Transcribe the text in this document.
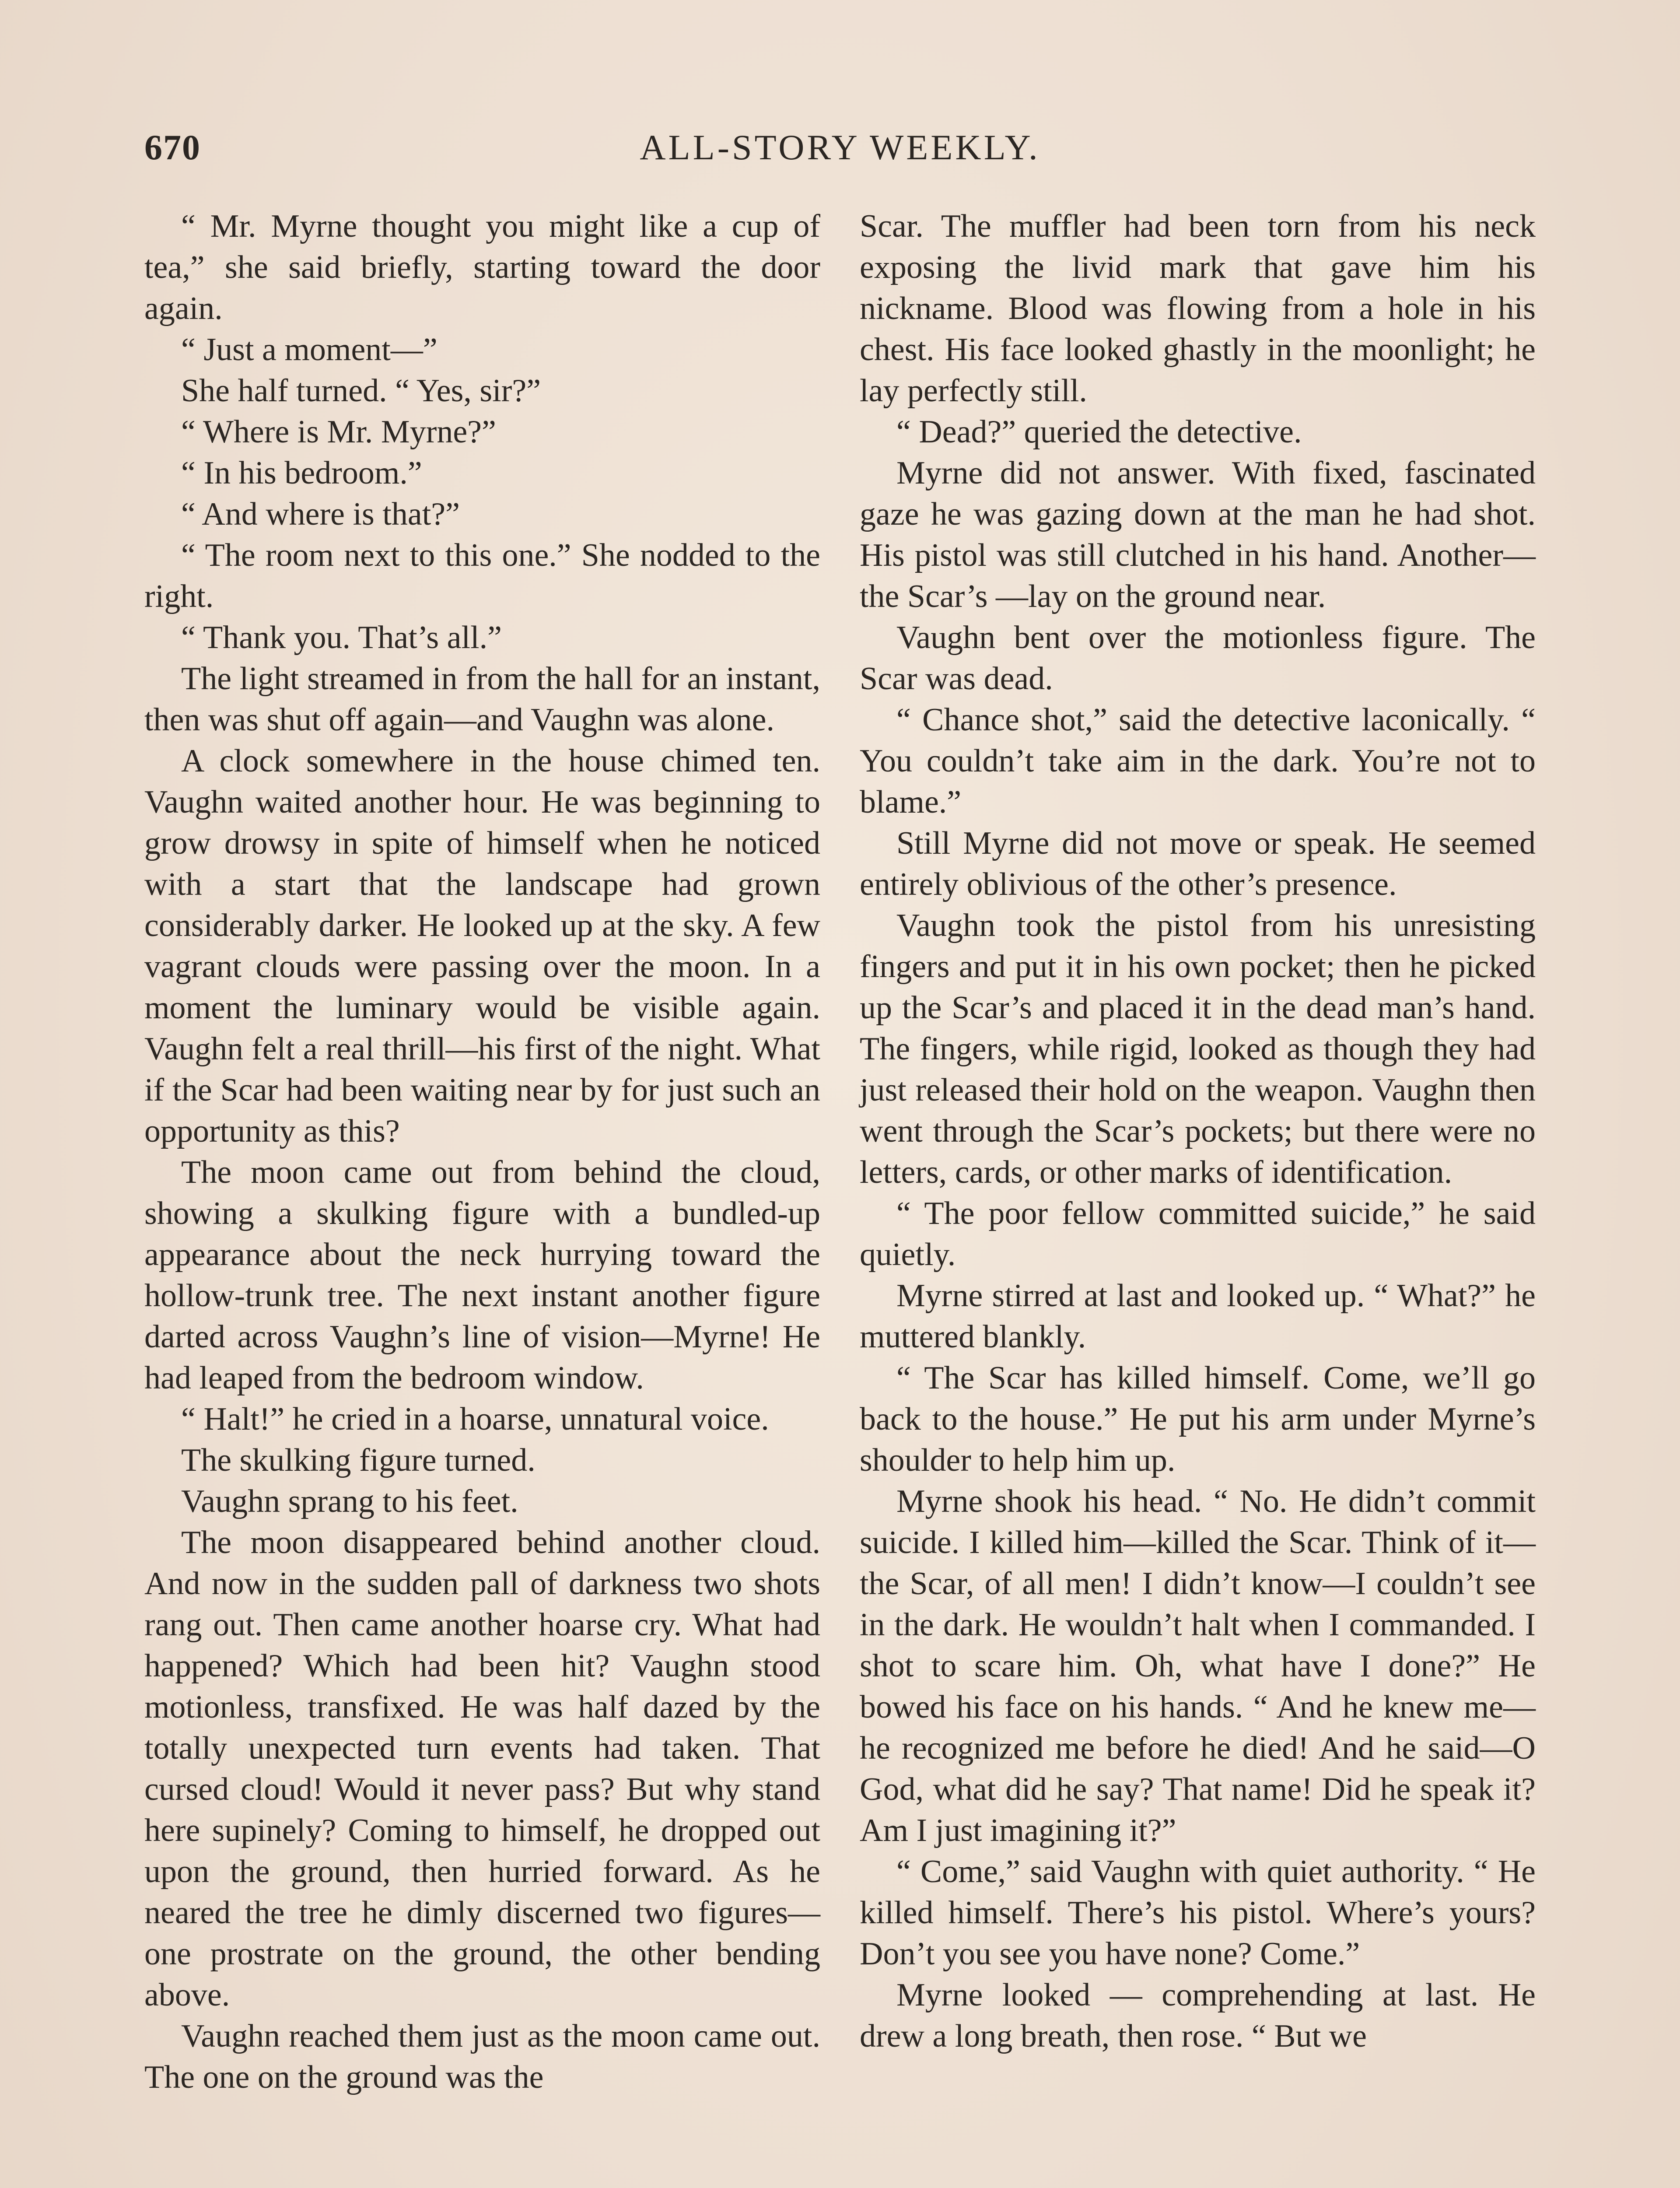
670	ALL-STORY WEEKLY.

“ Mr. Myrne thought you might like a cup of tea,” she said briefly, starting toward the door again.

“ Just a moment—”

She half turned. “ Yes, sir?”

“ Where is Mr. Myrne?”

“ In his bedroom.”

“ And where is that?”

“ The room next to this one.” She nodded to the right.

“ Thank you. That’s all.”

The light streamed in from the hall for an instant, then was shut off again—and Vaughn was alone.

A clock somewhere in the house chimed ten. Vaughn waited another hour. He was beginning to grow drowsy in spite of himself when he noticed with a start that the landscape had grown considerably darker. He looked up at the sky. A few vagrant clouds were passing over the moon. In a moment the luminary would be visible again. Vaughn felt a real thrill—his first of the night. What if the Scar had been waiting near by for just such an opportunity as this?

The moon came out from behind the cloud, showing a skulking figure with a bundled-up appearance about the neck hurrying toward the hollow-trunk tree. The next instant another figure darted across Vaughn’s line of vision—Myrne! He had leaped from the bedroom window.

“ Halt!” he cried in a hoarse, unnatural voice.

The skulking figure turned.

Vaughn sprang to his feet.

The moon disappeared behind another cloud. And now in the sudden pall of darkness two shots rang out. Then came another hoarse cry. What had happened? Which had been hit? Vaughn stood motionless, transfixed. He was half dazed by the totally unexpected turn events had taken. That cursed cloud! Would it never pass? But why stand here supinely? Coming to himself, he dropped out upon the ground, then hurried forward. As he neared the tree he dimly discerned two figures—one prostrate on the ground, the other bending above.

Vaughn reached them just as the moon came out. The one on the ground was the

Scar. The muffler had been torn from his neck exposing the livid mark that gave him his nickname. Blood was flowing from a hole in his chest. His face looked ghastly in the moonlight; he lay perfectly still.

“ Dead?” queried the detective.

Myrne did not answer. With fixed, fascinated gaze he was gazing down at the man he had shot. His pistol was still clutched in his hand. Another—the Scar’s —lay on the ground near.

Vaughn bent over the motionless figure. The Scar was dead.

“ Chance shot,” said the detective laconically. “ You couldn’t take aim in the dark. You’re not to blame.”

Still Myrne did not move or speak. He seemed entirely oblivious of the other’s presence.

Vaughn took the pistol from his unresisting fingers and put it in his own pocket; then he picked up the Scar’s and placed it in the dead man’s hand. The fingers, while rigid, looked as though they had just released their hold on the weapon. Vaughn then went through the Scar’s pockets; but there were no letters, cards, or other marks of identification.

“ The poor fellow committed suicide,” he said quietly.

Myrne stirred at last and looked up. “ What?” he muttered blankly.

“ The Scar has killed himself. Come, we’ll go back to the house.” He put his arm under Myrne’s shoulder to help him up.

Myrne shook his head. “ No. He didn’t commit suicide. I killed him—killed the Scar. Think of it—the Scar, of all men! I didn’t know—I couldn’t see in the dark. He wouldn’t halt when I commanded. I shot to scare him. Oh, what have I done?” He bowed his face on his hands. “ And he knew me—he recognized me before he died! And he said—O God, what did he say? That name! Did he speak it? Am I just imagining it?”

“ Come,” said Vaughn with quiet authority. “ He killed himself. There’s his pistol. Where’s yours? Don’t you see you have none? Come.”

Myrne looked — comprehending at last. He drew a long breath, then rose. “ But we
